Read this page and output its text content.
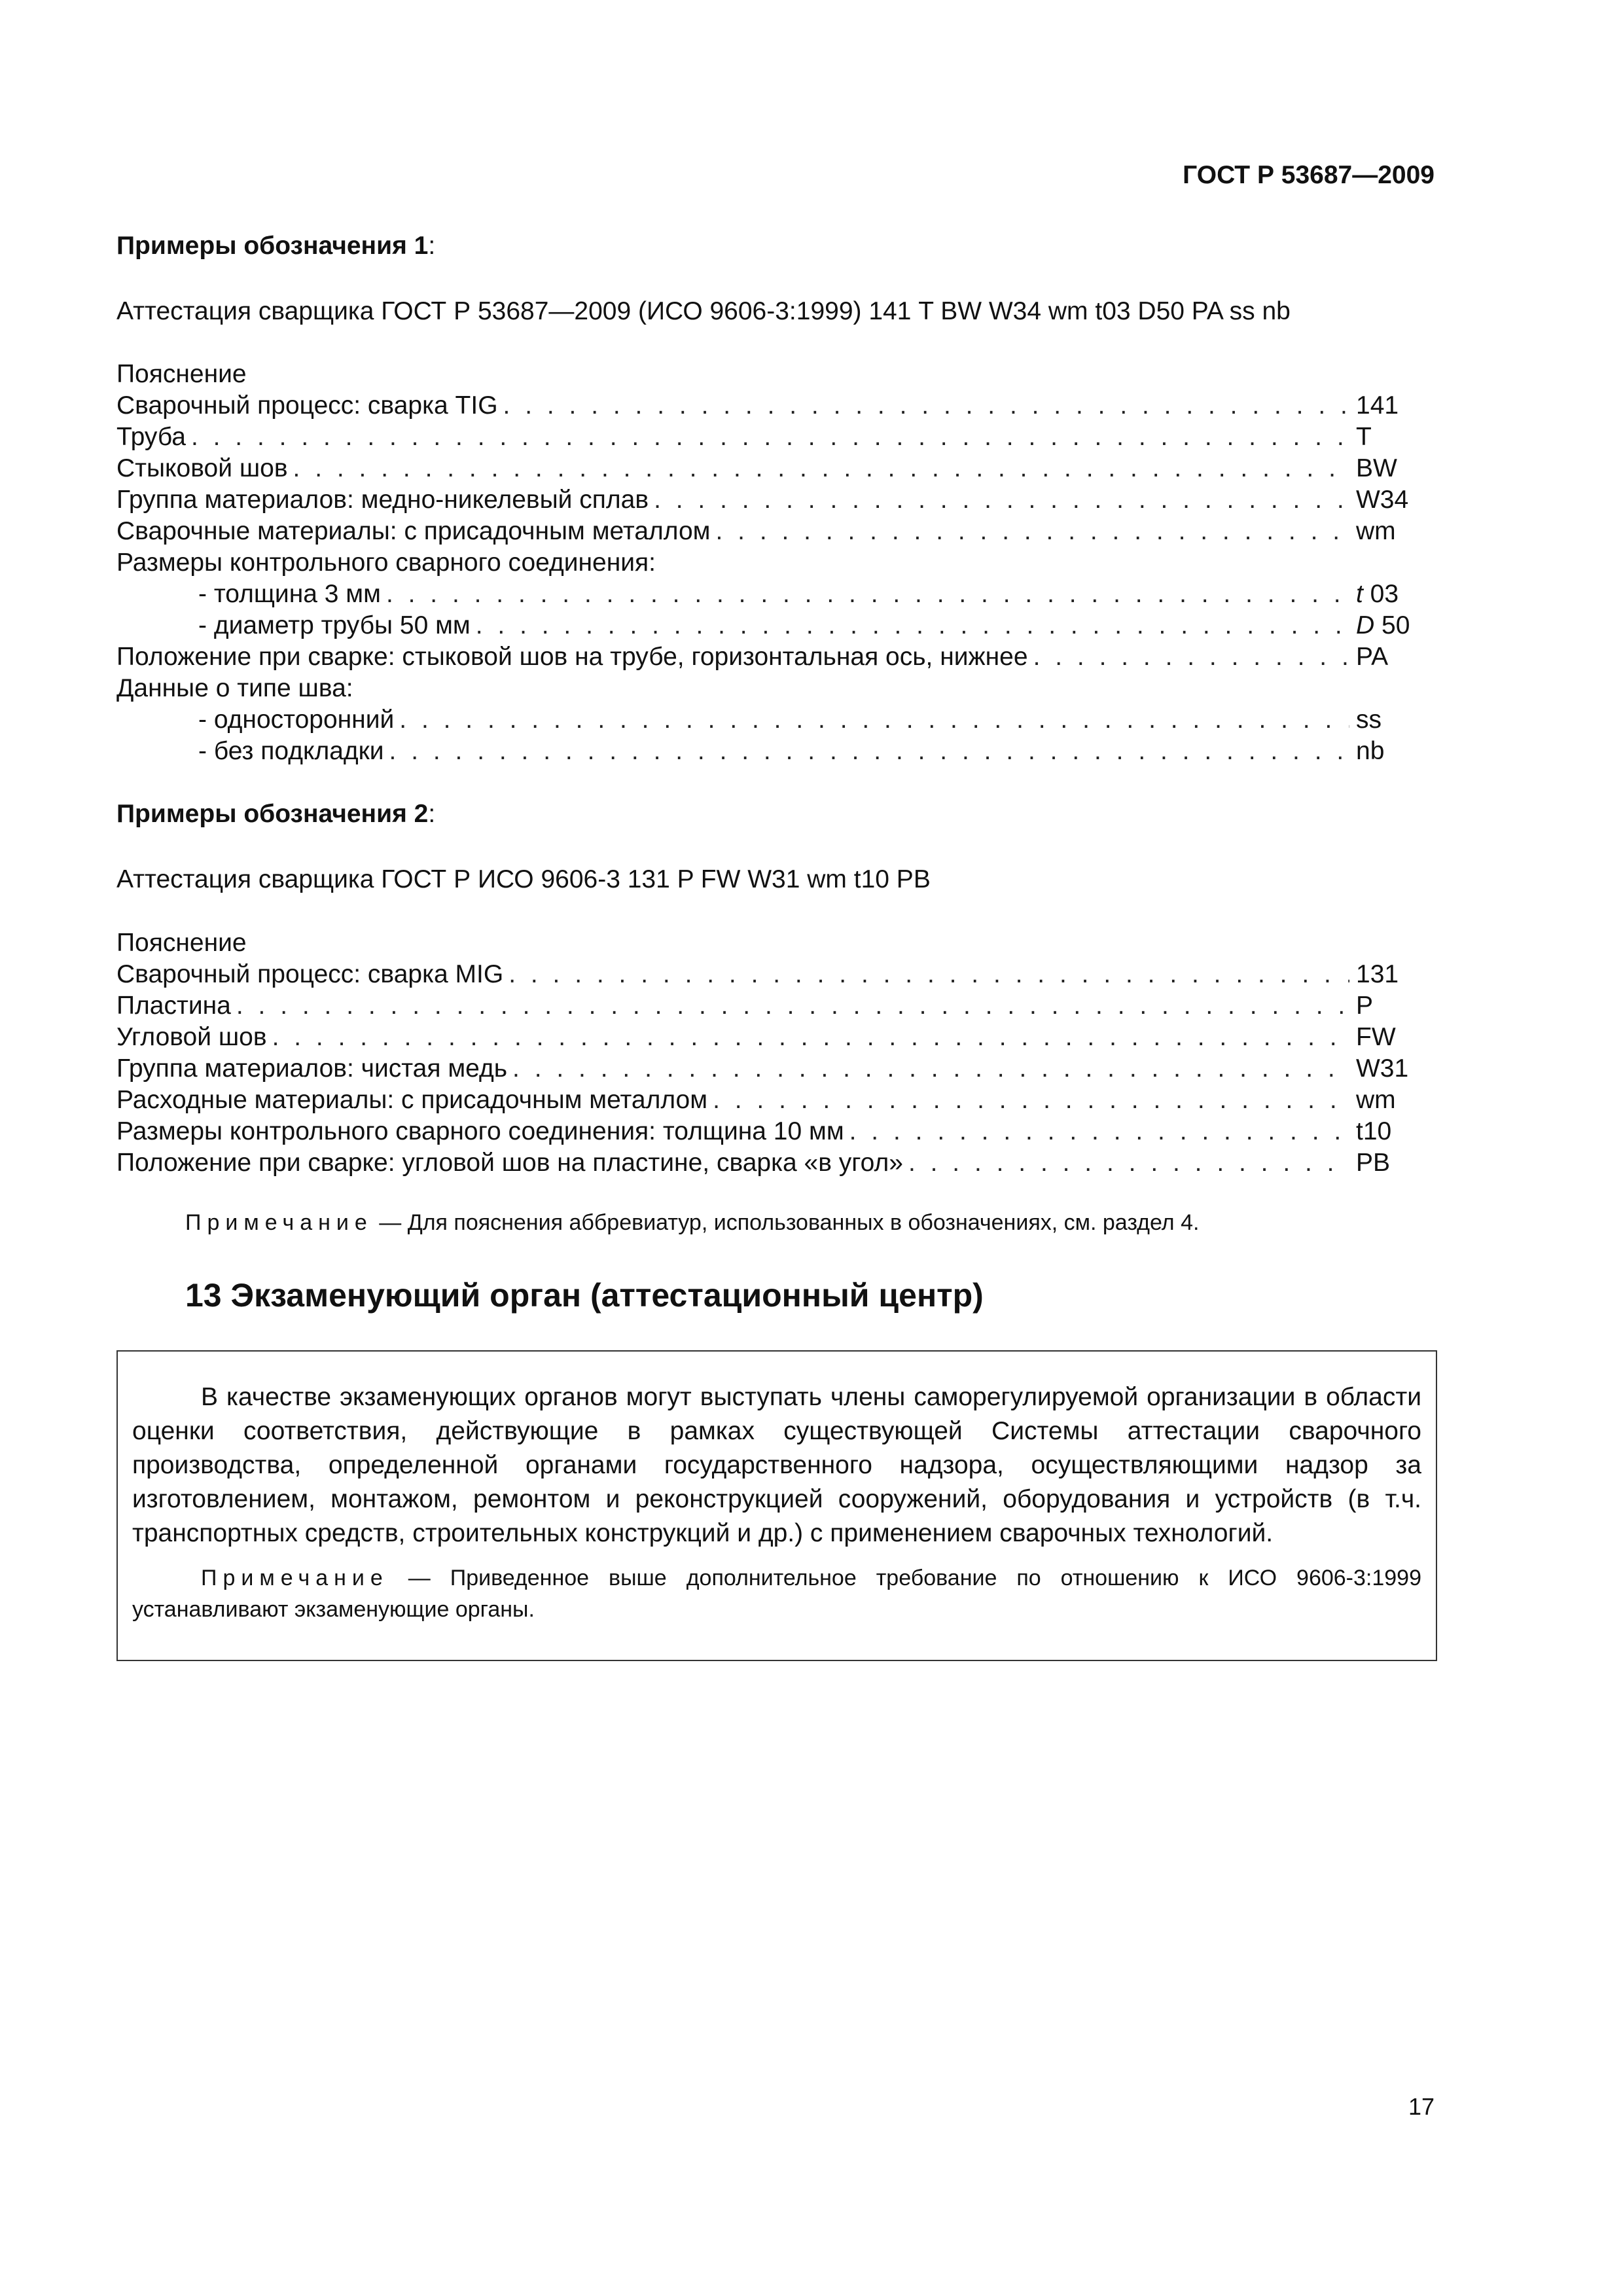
ГОСТ Р 53687—2009
Примеры обозначения 1:
Аттестация сварщика ГОСТ Р 53687—2009 (ИСО 9606-3:1999) 141 T BW W34 wm t03 D50 PA ss nb
Пояснение
Сварочный процесс: сварка TIG . . .	141
Труба . . .	T
Стыковой шов . . .	BW
Группа материалов: медно-никелевый сплав . . .	W34
Сварочные материалы: с присадочным металлом . . .	wm
Размеры контрольного сварного соединения:
- толщина 3 мм . . .	t 03
- диаметр трубы 50 мм . . .	D 50
Положение при сварке: стыковой шов на трубе, горизонтальная ось, нижнее . . .	PA
Данные о типе шва:
- односторонний . . .	ss
- без подкладки . . .	nb
Примеры обозначения 2:
Аттестация сварщика ГОСТ Р ИСО 9606-3 131 P FW W31 wm t10 PB
Пояснение
Сварочный процесс: сварка MIG . . .	131
Пластина . . .	P
Угловой шов . . .	FW
Группа материалов: чистая медь . . .	W31
Расходные материалы: с присадочным металлом . . .	wm
Размеры контрольного сварного соединения: толщина 10 мм . . .	t10
Положение при сварке: угловой шов на пластине, сварка «в угол» . . .	PB
Примечание — Для пояснения аббревиатур, использованных в обозначениях, см. раздел 4.
13 Экзаменующий орган (аттестационный центр)
В качестве экзаменующих органов могут выступать члены саморегулируемой организации в области оценки соответствия, действующие в рамках существующей Системы аттестации сварочного производства, определенной органами государственного надзора, осуществляющими надзор за изготовлением, монтажом, ремонтом и реконструкцией сооружений, оборудования и устройств (в т.ч. транспортных средств, строительных конструкций и др.) с применением сварочных технологий.
Примечание — Приведенное выше дополнительное требование по отношению к ИСО 9606-3:1999 устанавливают экзаменующие органы.
17
